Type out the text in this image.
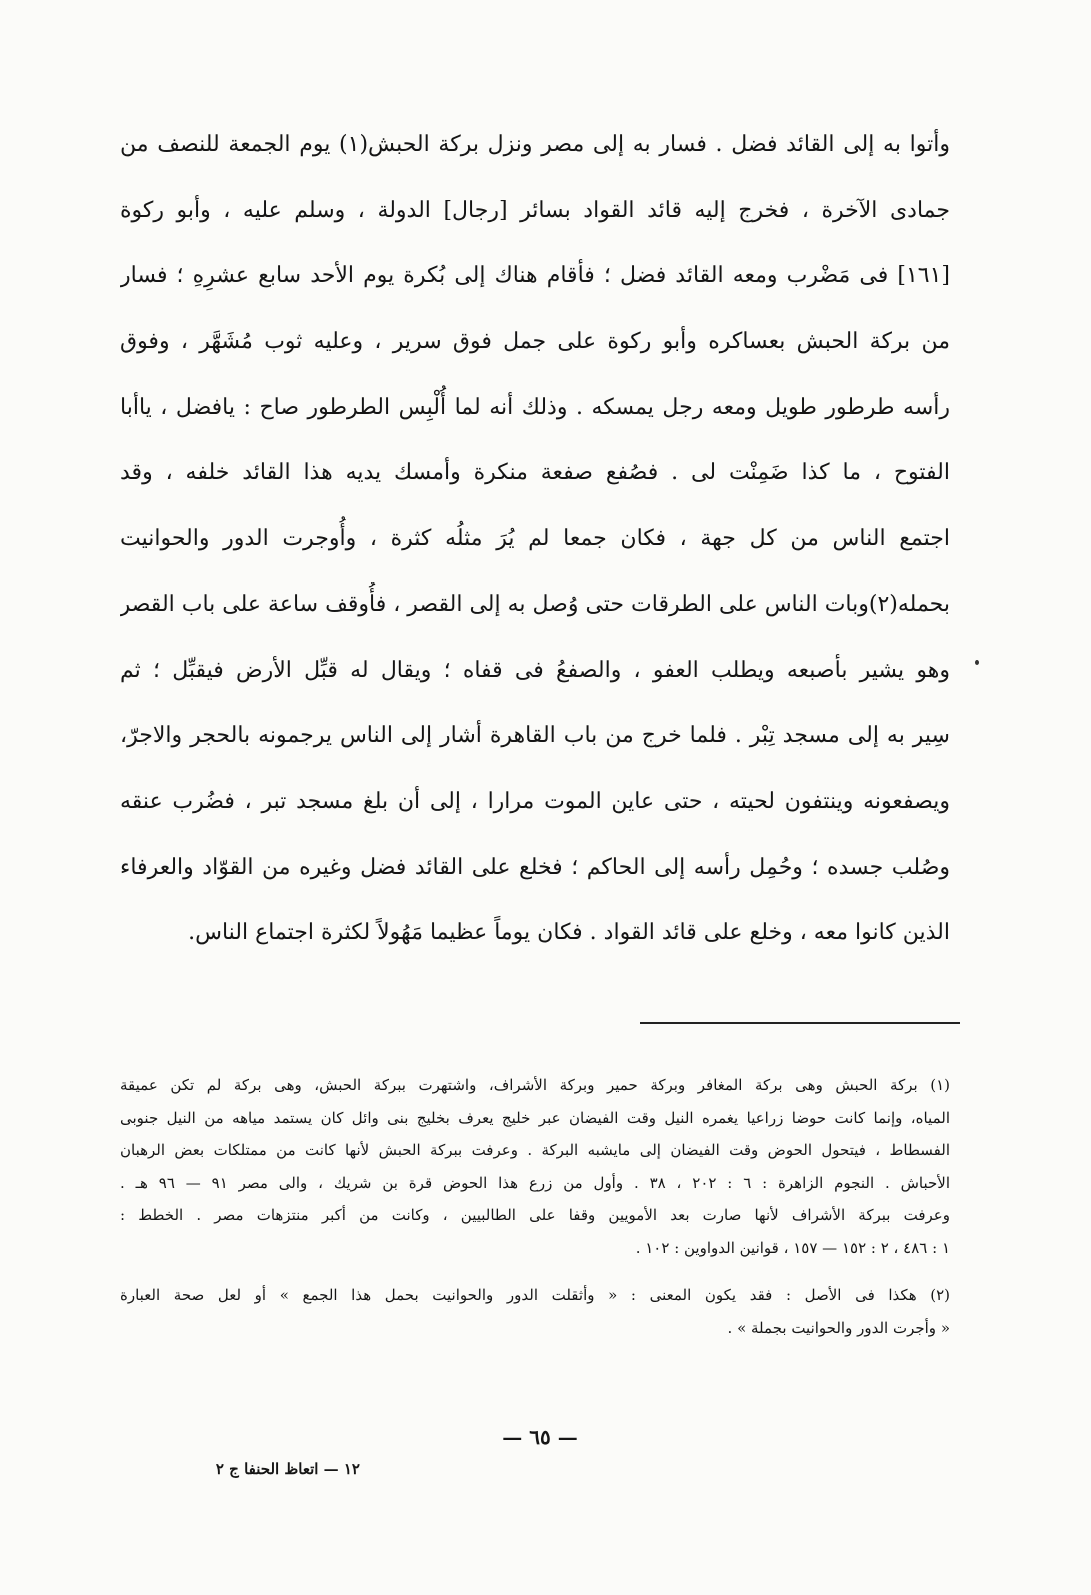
وأتوا به إلى القائد فضل . فسار به إلى مصر ونزل بركة الحبش(١) يوم الجمعة للنصف من
جمادى الآخرة ، فخرج إليه قائد القواد بسائر [رجال] الدولة ، وسلم عليه ، وأبو ركوة
[١٦١] فى مَضْرب ومعه القائد فضل ؛ فأقام هناك إلى بُكرة يوم الأحد سابع عشرِهِ ؛ فسار
من بركة الحبش بعساكره وأبو ركوة على جمل فوق سرير ، وعليه ثوب مُشَهَّر ، وفوق
رأسه طرطور طويل ومعه رجل يمسكه . وذلك أنه لما أُلْبِس الطرطور صاح : يافضل ، ياأبا
الفتوح ، ما كذا ضَمِنْت لى . فصُفع صفعة منكرة وأمسك يديه هذا القائد خلفه ، وقد
اجتمع الناس من كل جهة ، فكان جمعا لم يُرَ مثلُه كثرة ، وأُوجرت الدور والحوانيت
بحمله(٢)وبات الناس على الطرقات حتى وُصل به إلى القصر ، فأُوقف ساعة على باب القصر
وهو يشير بأصبعه ويطلب العفو ، والصفعُ فى قفاه ؛ ويقال له قبِّل الأرض فيقبِّل ؛ ثم
سِير به إلى مسجد تِبْر . فلما خرج من باب القاهرة أشار إلى الناس يرجمونه بالحجر والاجرّ،
ويصفعونه وينتفون لحيته ، حتى عاين الموت مرارا ، إلى أن بلغ مسجد تبر ، فضُرب عنقه
وصُلب جسده ؛ وحُمِل رأسه إلى الحاكم ؛ فخلع على القائد فضل وغيره من القوّاد والعرفاء
الذين كانوا معه ، وخلع على قائد القواد . فكان يوماً عظيما مَهُولاً لكثرة اجتماع الناس.
(١) بركة الحبش وهى بركة المغافر وبركة حمير وبركة الأشراف، واشتهرت ببركة الحبش، وهى بركة لم تكن عميقة
المياه، وإنما كانت حوضا زراعيا يغمره النيل وقت الفيضان عبر خليج يعرف بخليج بنى وائل كان يستمد مياهه من النيل جنوبى
الفسطاط ، فيتحول الحوض وقت الفيضان إلى مايشبه البركة . وعرفت ببركة الحبش لأنها كانت من ممتلكات بعض الرهبان
الأحباش . النجوم الزاهرة : ٦ : ٢٠٢ ، ٣٨ . وأول من زرع هذا الحوض قرة بن شريك ، والى مصر ٩١ — ٩٦ هـ .
وعرفت ببركة الأشراف لأنها صارت بعد الأمويين وقفا على الطالبيين ، وكانت من أكبر منتزهات مصر . الخطط :
١ : ٤٨٦ ، ٢ : ١٥٢ — ١٥٧ ، قوانين الدواوين : ١٠٢ .
(٢) هكذا فى الأصل : فقد يكون المعنى : « وأثقلت الدور والحوانيت بحمل هذا الجمع » أو لعل صحة العبارة
« وأجرت الدور والحوانيت بجملة » .
— ٦٥ —
١٢ — اتعاظ الحنفا ج ٢
